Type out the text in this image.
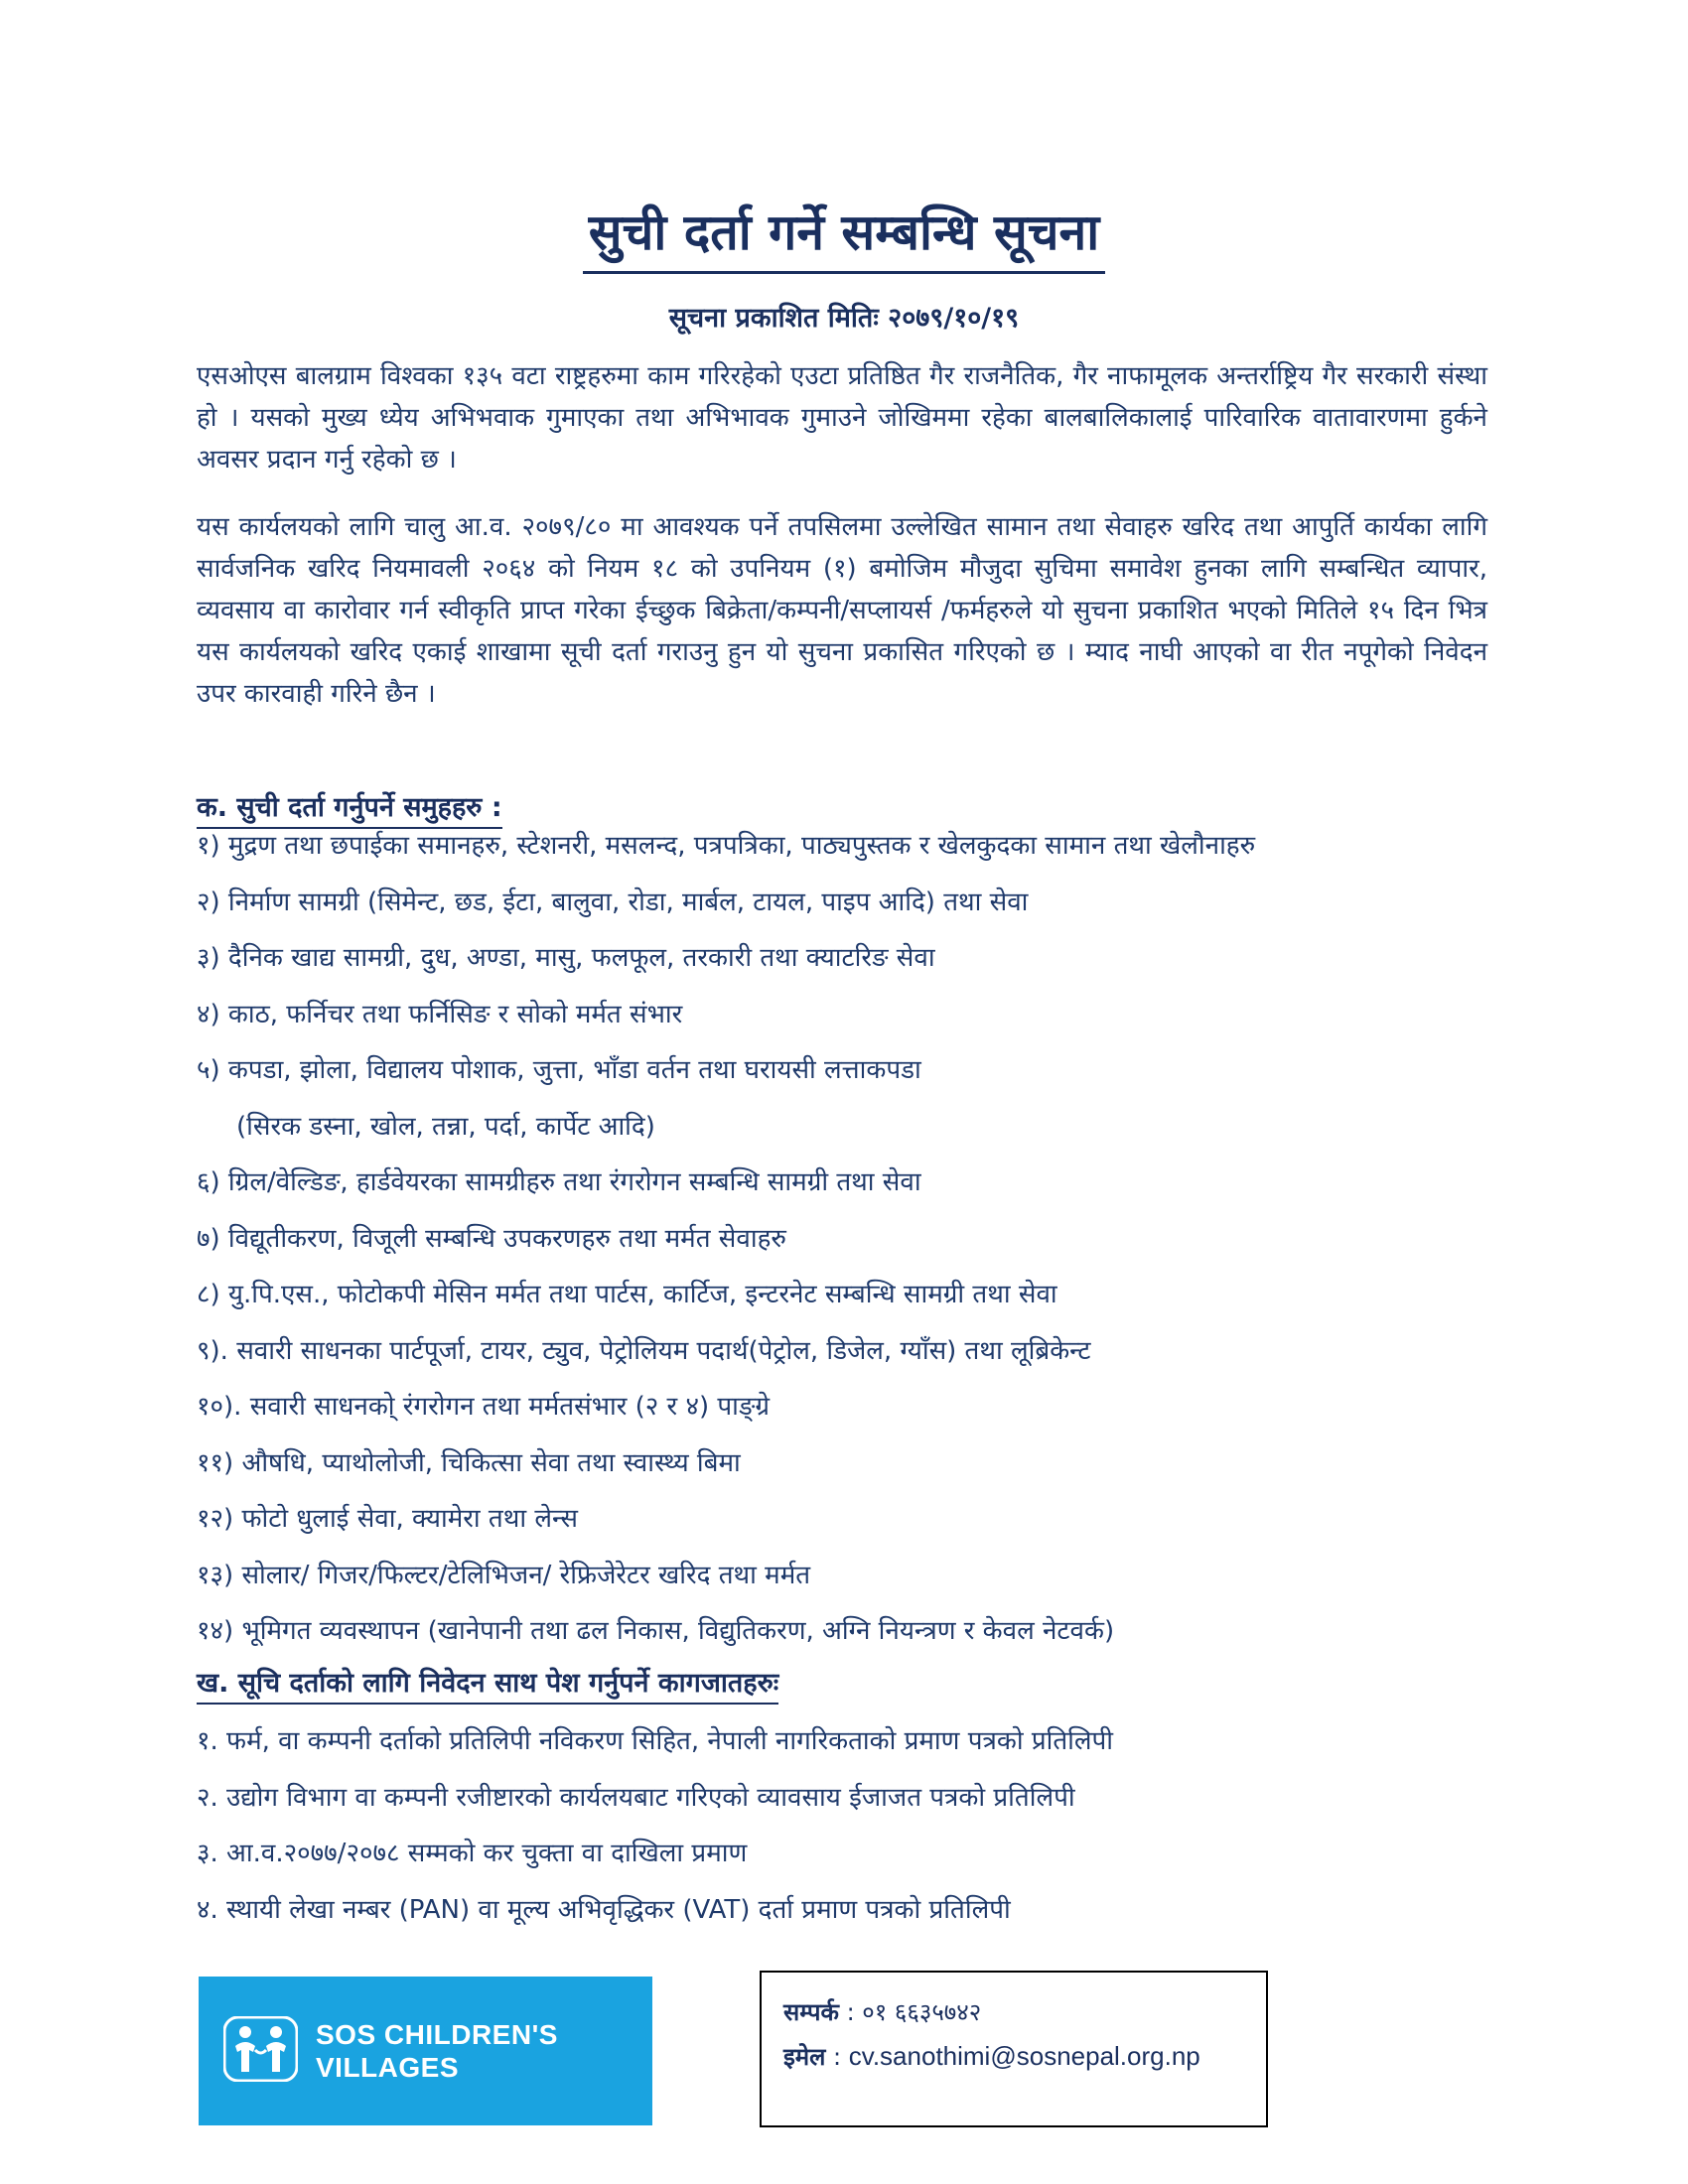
सुची दर्ता गर्ने सम्बन्धि सूचना
सूचना प्रकाशित मितिः २०७९/१०/१९
एसओएस बालग्राम विश्वका १३५ वटा राष्ट्रहरुमा काम गरिरहेको एउटा प्रतिष्ठित गैर राजनैतिक, गैर नाफामूलक अन्तर्राष्ट्रिय गैर सरकारी संस्था हो । यसको मुख्य ध्येय अभिभवाक गुमाएका तथा अभिभावक गुमाउने जोखिममा रहेका बालबालिकालाई पारिवारिक वातावारणमा हुर्कने अवसर प्रदान गर्नु रहेको छ ।
यस कार्यलयको लागि चालु आ.व. २०७९/८० मा आवश्यक पर्ने तपसिलमा उल्लेखित सामान तथा सेवाहरु खरिद तथा आपुर्ति कार्यका लागि सार्वजनिक खरिद नियमावली २०६४ को नियम १८ को उपनियम (१) बमोजिम मौजुदा सुचिमा समावेश हुनका लागि सम्बन्धित व्यापार, व्यवसाय वा कारोवार गर्न स्वीकृति प्राप्त गरेका ईच्छुक बिक्रेता/कम्पनी/सप्लायर्स /फर्महरुले यो सुचना प्रकाशित भएको मितिले १५ दिन भित्र यस कार्यलयको खरिद एकाई शाखामा सूची दर्ता गराउनु हुन यो सुचना प्रकासित गरिएको छ । म्याद नाघी आएको वा रीत नपूगेको निवेदन उपर कारवाही गरिने छैन ।
क. सुची दर्ता गर्नुपर्ने समुहहरु :
१) मुद्रण तथा छपाईका समानहरु, स्टेशनरी, मसलन्द, पत्रपत्रिका, पाठ्यपुस्तक र खेलकुदका सामान तथा खेलौनाहरु
२) निर्माण सामग्री (सिमेन्ट, छड, ईटा, बालुवा, रोडा, मार्बल, टायल, पाइप आदि) तथा सेवा
३) दैनिक खाद्य सामग्री, दुध, अण्डा, मासु, फलफूल, तरकारी तथा क्याटरिङ सेवा
४) काठ, फर्निचर तथा फर्निसिङ र सोको मर्मत संभार
५) कपडा, झोला, विद्यालय पोशाक, जुत्ता, भाँडा वर्तन तथा घरायसी लत्ताकपडा
(सिरक डस्ना, खोल, तन्ना, पर्दा, कार्पेट आदि)
६) ग्रिल/वेल्डिङ, हार्डवेयरका सामग्रीहरु तथा रंगरोगन सम्बन्धि सामग्री तथा सेवा
७) विद्यूतीकरण, विजूली सम्बन्धि उपकरणहरु तथा मर्मत सेवाहरु
८) यु.पि.एस., फोटोकपी मेसिन मर्मत तथा पार्टस, कार्टिज, इन्टरनेट सम्बन्धि सामग्री तथा सेवा
९). सवारी साधनका पार्टपूर्जा, टायर, ट्युव, पेट्रोलियम पदार्थ(पेट्रोल, डिजेल, ग्याँस) तथा लूब्रिकेन्ट
१०). सवारी साधनको् रंगरोगन तथा मर्मतसंभार (२ र ४) पाङ्ग्रे
११) औषधि, प्याथोलोजी, चिकित्सा सेवा तथा स्वास्थ्य बिमा
१२) फोटो धुलाई सेवा, क्यामेरा तथा लेन्स
१३) सोलार/ गिजर/फिल्टर/टेलिभिजन/ रेफ्रिजेरेटर खरिद तथा मर्मत
१४) भूमिगत व्यवस्थापन (खानेपानी तथा ढल निकास, विद्युतिकरण, अग्नि नियन्त्रण र केवल नेटवर्क)
ख. सूचि दर्ताको लागि निवेदन साथ पेश गर्नुपर्ने कागजातहरुः
१. फर्म, वा कम्पनी दर्ताको प्रतिलिपी नविकरण सिहित, नेपाली नागरिकताको प्रमाण पत्रको प्रतिलिपी
२. उद्योग विभाग वा कम्पनी रजीष्टारको कार्यलयबाट गरिएको व्यावसाय ईजाजत पत्रको प्रतिलिपी
३. आ.व.२०७७/२०७८ सम्मको कर चुक्ता वा दाखिला प्रमाण
४. स्थायी लेखा नम्बर (PAN) वा मूल्य अभिवृद्धिकर (VAT) दर्ता प्रमाण पत्रको प्रतिलिपी
SOS CHILDREN'S
VILLAGES
सम्पर्क : ०१ ६६३५७४२
इमेल : cv.sanothimi@sosnepal.org.np
